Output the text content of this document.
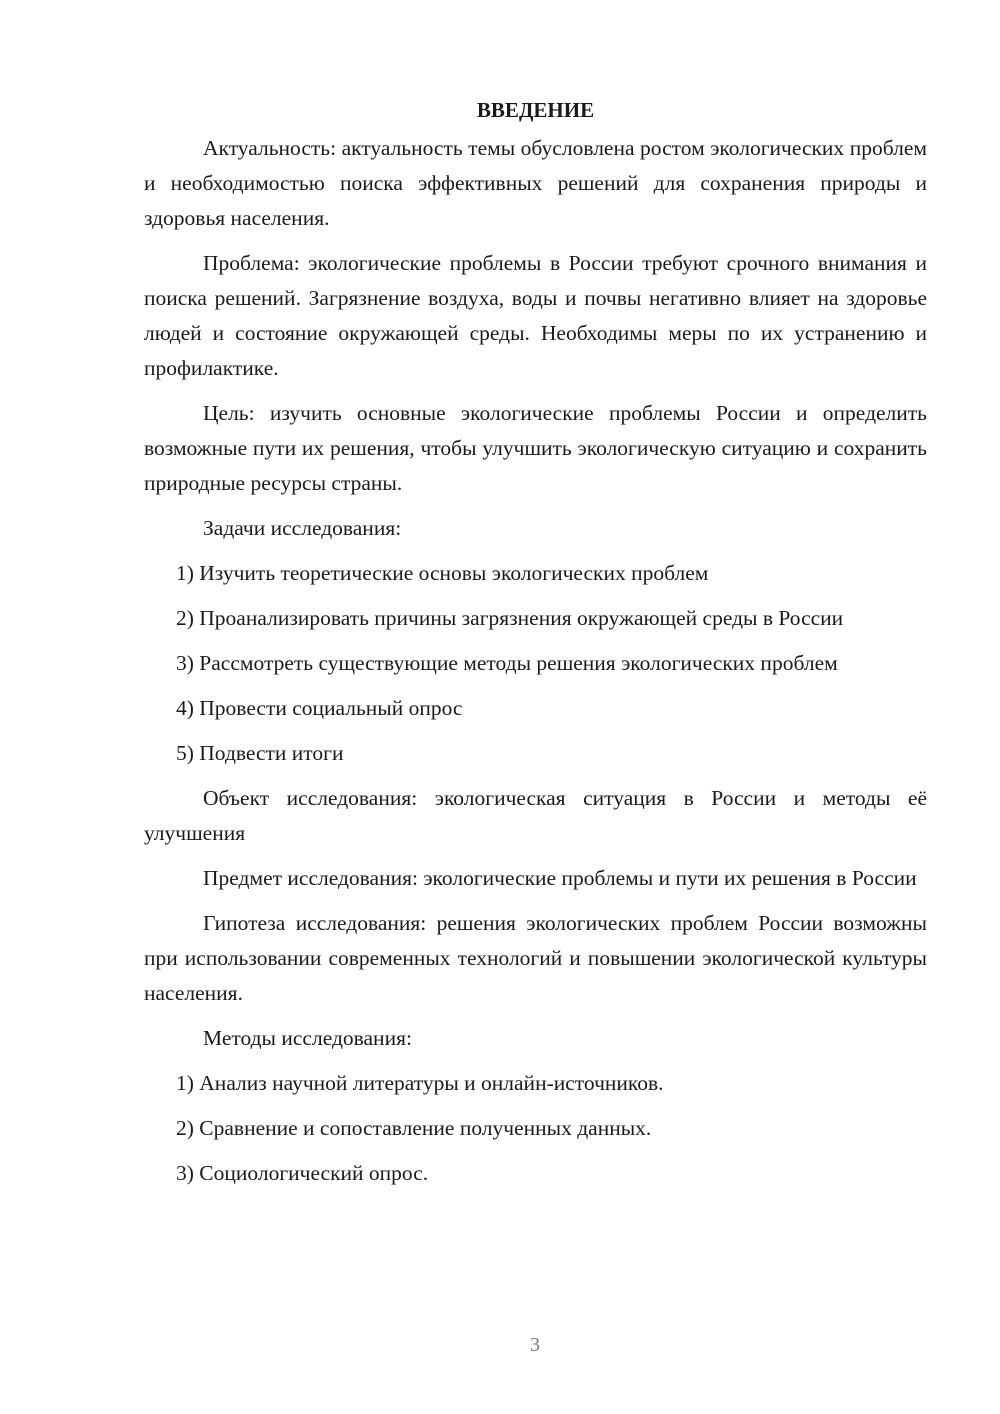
ВВЕДЕНИЕ

Актуальность: актуальность темы обусловлена ростом экологических проблем и необходимостью поиска эффективных решений для сохранения природы и здоровья населения.

Проблема: экологические проблемы в России требуют срочного внимания и поиска решений. Загрязнение воздуха, воды и почвы негативно влияет на здоровье людей и состояние окружающей среды. Необходимы меры по их устранению и профилактике.

Цель: изучить основные экологические проблемы России и определить возможные пути их решения, чтобы улучшить экологическую ситуацию и сохранить природные ресурсы страны.

Задачи исследования:

1) Изучить теоретические основы экологических проблем

2) Проанализировать причины загрязнения окружающей среды в России

3) Рассмотреть существующие методы решения экологических проблем

4) Провести социальный опрос

5) Подвести итоги

Объект исследования: экологическая ситуация в России и методы её улучшения

Предмет исследования: экологические проблемы и пути их решения в России

Гипотеза исследования: решения экологических проблем России возможны при использовании современных технологий и повышении экологической культуры населения.

Методы исследования:

1) Анализ научной литературы и онлайн-источников.

2) Сравнение и сопоставление полученных данных.

3) Социологический опрос.

3
